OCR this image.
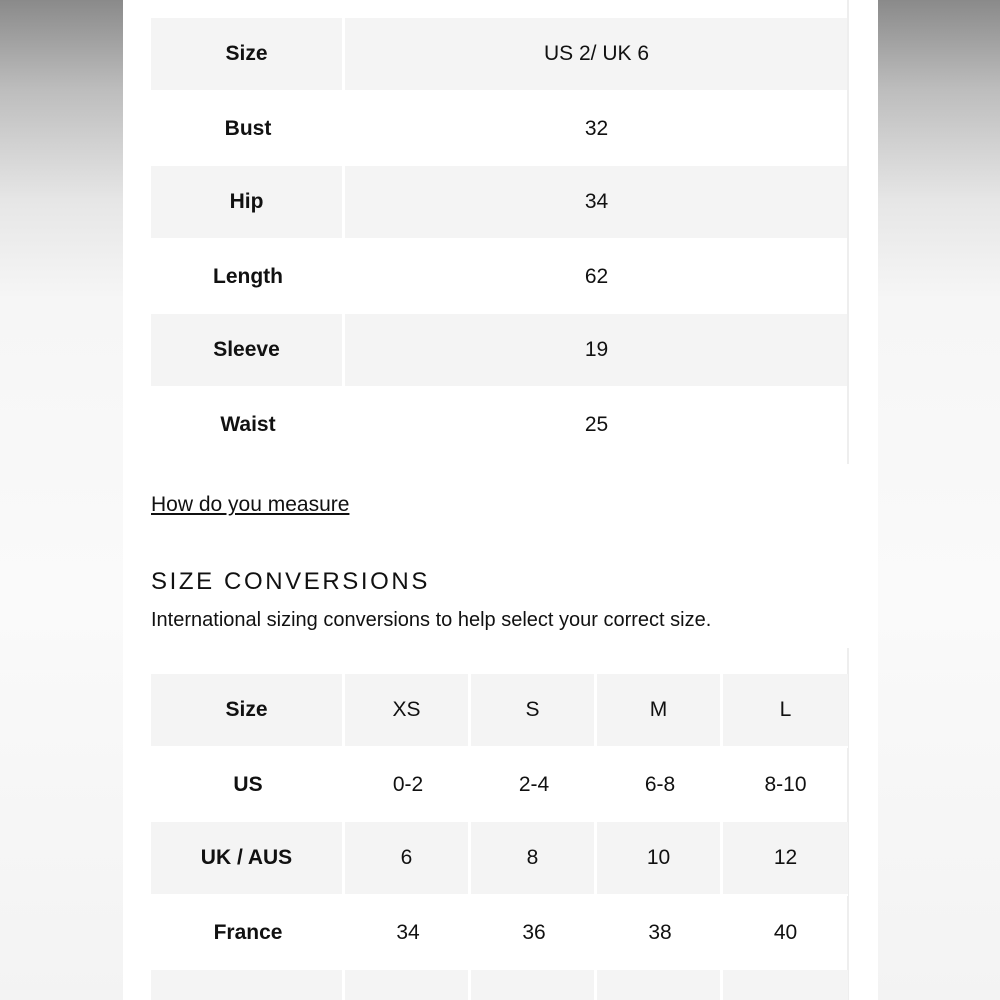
Size	US 2/ UK 6
Bust	32
Hip	34
Length	62
Sleeve	19
Waist	25
How do you measure
SIZE CONVERSIONS
International sizing conversions to help select your correct size.
Size	XS	S	M	L
US	0-2	2-4	6-8	8-10
UK / AUS	6	8	10	12
France	34	36	38	40
